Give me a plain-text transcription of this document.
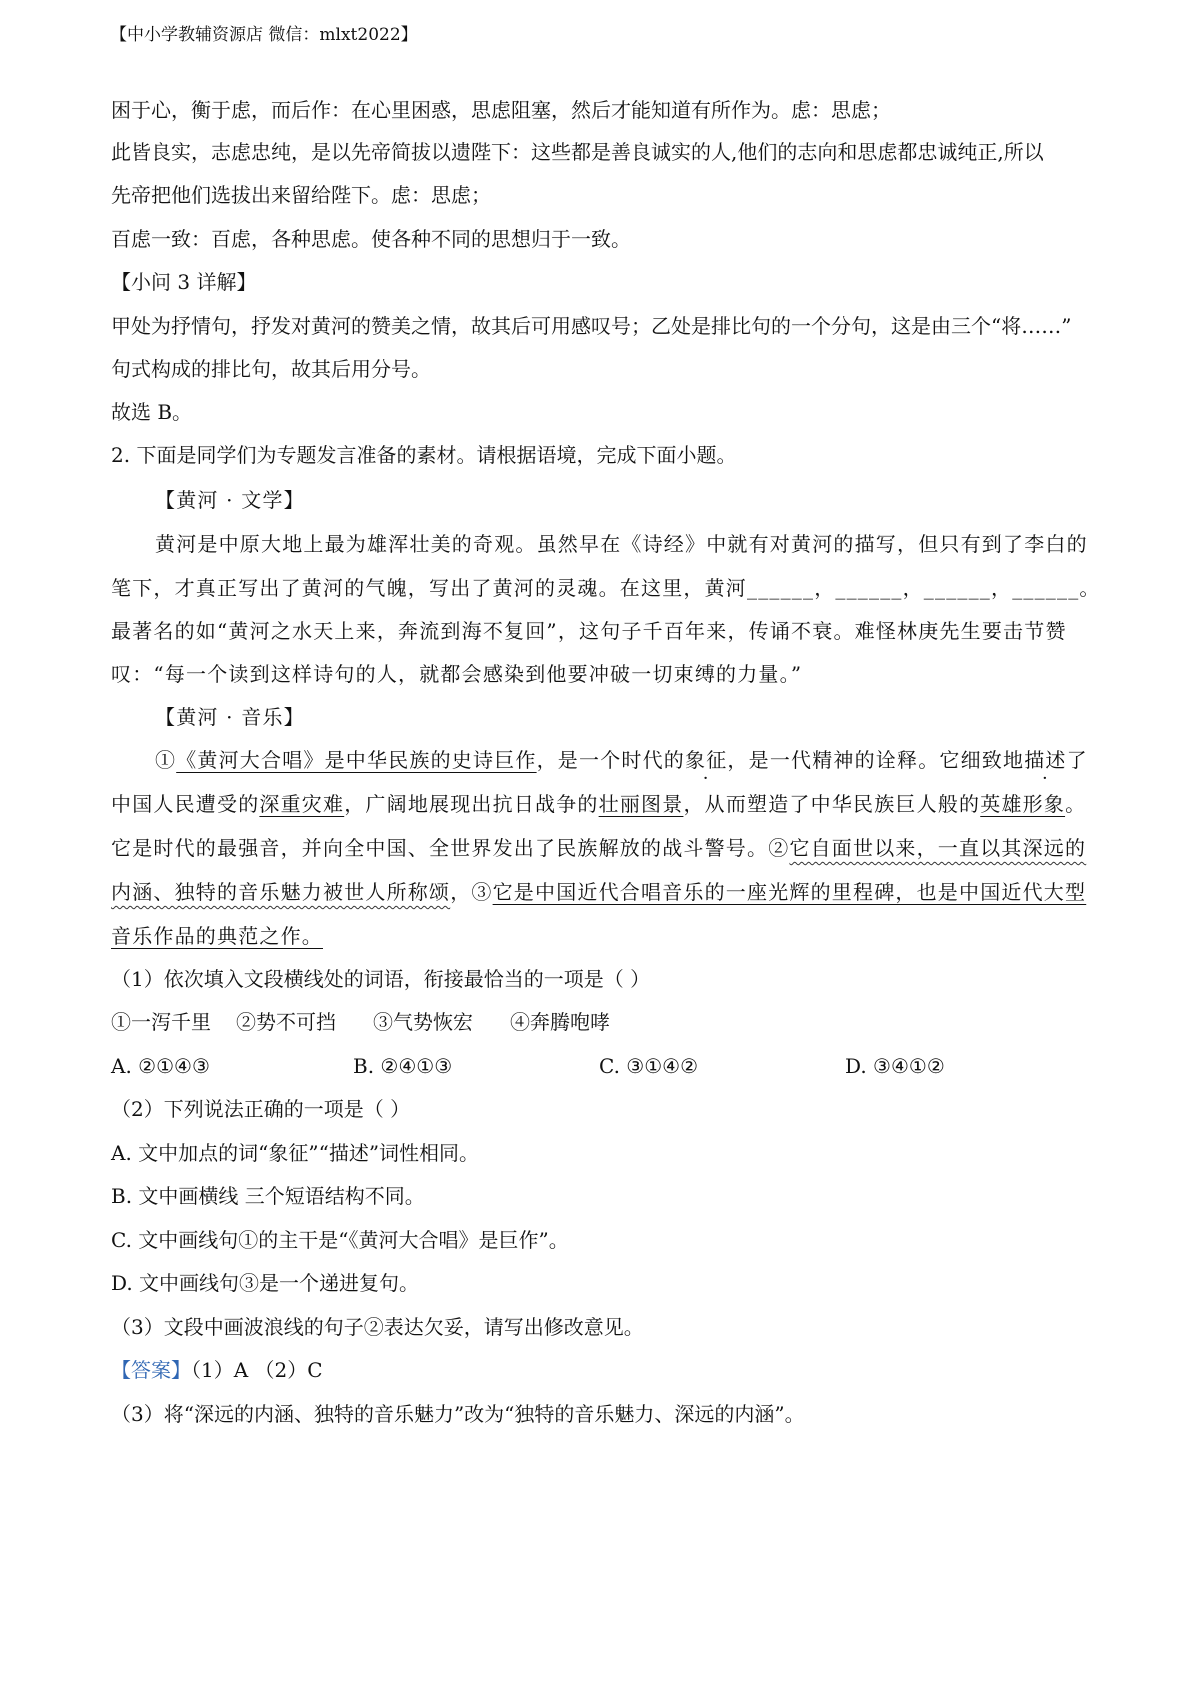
【中小学教辅资源店 微信：mlxt2022】
困于心，衡于虑，而后作：在心里困惑，思虑阻塞，然后才能知道有所作为。虑：思虑；
此皆良实，志虑忠纯，是以先帝简拔以遗陛下：这些都是善良诚实的人,他们的志向和思虑都忠诚纯正,所以
先帝把他们选拔出来留给陛下。虑：思虑；
百虑一致：百虑，各种思虑。使各种不同的思想归于一致。
【小问 3 详解】
甲处为抒情句，抒发对黄河的赞美之情，故其后可用感叹号；乙处是排比句的一个分句，这是由三个“将……”
句式构成的排比句，故其后用分号。
故选 B。
2. 下面是同学们为专题发言准备的素材。请根据语境，完成下面小题。
【黄河 · 文学】
黄河是中原大地上最为雄浑壮美的奇观。虽然早在《诗经》中就有对黄河的描写，但只有到了李白的
笔下，才真正写出了黄河的气魄，写出了黄河的灵魂。在这里，黄河______，______，______，______。
最著名的如“黄河之水天上来，奔流到海不复回”，这句子千百年来，传诵不衰。难怪林庚先生要击节赞
叹：“每一个读到这样诗句的人，就都会感染到他要冲破一切束缚的力量。”
【黄河 · 音乐】
①《黄河大合唱》是中华民族的史诗巨作，是一个时代的象征，是一代精神的诠释。它细致地描述了
中国人民遭受的深重灾难，广阔地展现出抗日战争的壮丽图景，从而塑造了中华民族巨人般的英雄形象。
它是时代的最强音，并向全中国、全世界发出了民族解放的战斗警号。②它自面世以来，一直以其深远的
内涵、独特的音乐魅力被世人所称颂，③它是中国近代合唱音乐的一座光辉的里程碑，也是中国近代大型
音乐作品的典范之作。
（1）依次填入文段横线处的词语，衔接最恰当的一项是（ ）
①一泻千里 ②势不可挡 ③气势恢宏 ④奔腾咆哮
A. ②①④③	B. ②④①③	C. ③①④②	D. ③④①②
（2）下列说法正确的一项是（ ）
A. 文中加点的词“象征”“描述”词性相同。
B. 文中画横线 三个短语结构不同。
C. 文中画线句①的主干是“《黄河大合唱》是巨作”。
D. 文中画线句③是一个递进复句。
（3）文段中画波浪线的句子②表达欠妥，请写出修改意见。
【答案】（1）A （2）C
（3）将“深远的内涵、独特的音乐魅力”改为“独特的音乐魅力、深远的内涵”。
